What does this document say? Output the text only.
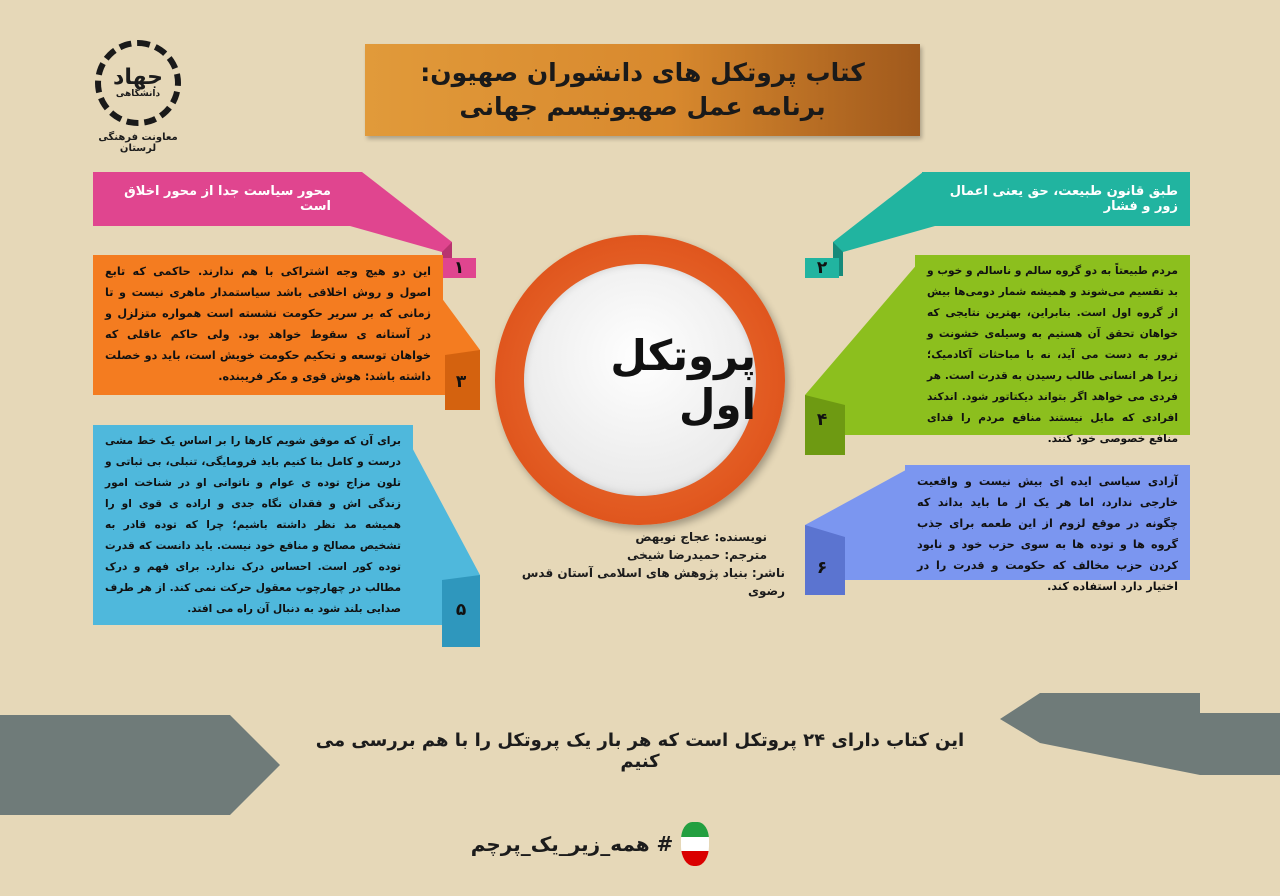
جهاد
دانشگاهی
معاونت فرهنگی لرستان
کتاب پروتکل های دانشوران صهیون:
برنامه عمل صهیونیسم جهانی
محور سیاست جدا از محور اخلاق است
۱
طبق قانون طبیعت، حق یعنی اعمال زور و فشار
۲
این دو هیچ وجه اشتراکی با هم ندارند. حاکمی که تابع اصول و روش اخلاقی باشد سیاستمدار ماهری نیست و تا زمانی که بر سریر حکومت نشسته است همواره متزلزل و در آستانه ی سقوط خواهد بود. ولی حاکم عاقلی که خواهان توسعه و تحکیم حکومت خویش است، باید دو خصلت داشته باشد: هوش قوی و مکر فریبنده.	۳
مردم طبیعتاً به دو گروه سالم و ناسالم و خوب و بد تقسیم می‌شوند و همیشه شمار دومی‌ها بیش از گروه اول است. بنابراین، بهترین نتایجی که خواهان تحقق آن هستیم به وسیله‌ی خشونت و ترور به دست می آید، نه با مباحثات آکادمیک؛ زیرا هر انسانی طالب رسیدن به قدرت است. هر فردی می خواهد اگر بتواند دیکتاتور شود. اندکند افرادی که مایل نیستند منافع مردم را فدای منافع خصوصی خود کنند.
۴
برای آن که موفق شویم کارها را بر اساس یک خط مشی درست و کامل بنا کنیم باید فرومایگی، تنبلی، بی ثباتی و تلون مزاج توده ی عوام و ناتوانی او در شناخت امور زندگی اش و فقدان نگاه جدی و اراده ی قوی او را همیشه مد نظر داشته باشیم؛ چرا که توده قادر به تشخیص مصالح و منافع خود نیست. باید دانست که قدرت توده کور است. احساس درک ندارد. برای فهم و درک مطالب در چهارچوب معقول حرکت نمی کند. از هر طرف صدایی بلند شود به دنبال آن راه می افتد.	۵
آزادی سیاسی ایده ای بیش نیست و واقعیت خارجی ندارد، اما هر یک از ما باید بداند که چگونه در موقع لزوم از این طعمه برای جذب گروه ها و توده ها به سوی حزب خود و نابود کردن حزب مخالف که حکومت و قدرت را در اختیار دارد استفاده کند.
۶
پروتکل اول
نویسنده: عجاج نویهض
مترجم: حمیدرضا شیخی
ناشر: بنیاد پژوهش های اسلامی آستان قدس رضوی
این کتاب دارای ۲۴ پروتکل است که هر بار یک پروتکل را با هم بررسی می کنیم
# همه_زیر_یک_پرچم
